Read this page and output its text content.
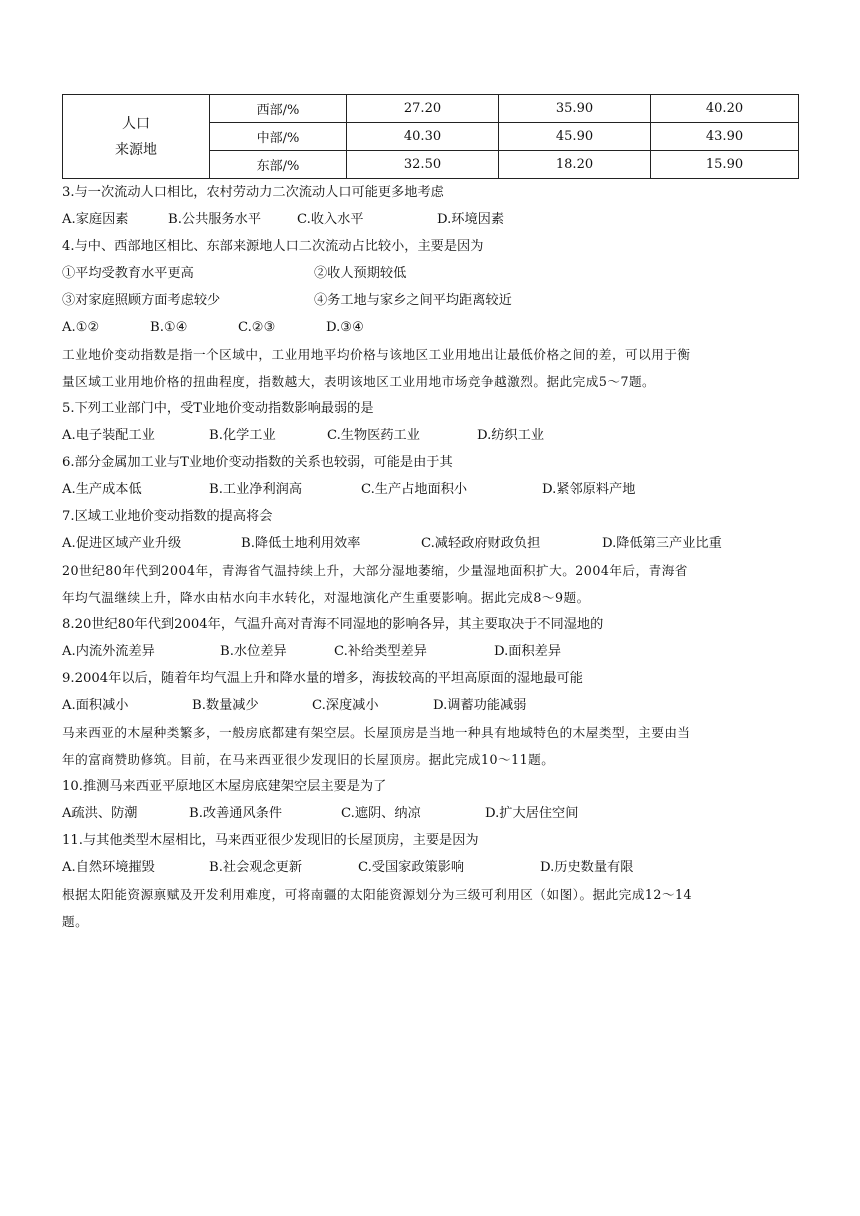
人口
来源地	西部/%	27.20	35.90	40.20
	中部/%	40.30	45.90	43.90
	东部/%	32.50	18.20	15.90
3.与一次流动人口相比，农村劳动力二次流动人口可能更多地考虑
A.家庭因素	B.公共服务水平	C.收入水平	D.环境因素
4.与中、西部地区相比、东部来源地人口二次流动占比较小，主要是因为
①平均受教育水平更高	②收人预期较低
③对家庭照顾方面考虑较少	④务工地与家乡之间平均距离较近
A.①②	B.①④	C.②③	D.③④
工业地价变动指数是指一个区域中，工业用地平均价格与该地区工业用地出让最低价格之间的差，可以用于衡
量区域工业用地价格的扭曲程度，指数越大，表明该地区工业用地市场竞争越激烈。据此完成5～7题。
5.下列工业部门中，受T业地价变动指数影响最弱的是
A.电子装配工业	B.化学工业	C.生物医药工业	D.纺织工业
6.部分金属加工业与T业地价变动指数的关系也较弱，可能是由于其
A.生产成本低	B.工业净利润高	C.生产占地面积小	D.紧邻原料产地
7.区域工业地价变动指数的提高将会
A.促进区域产业升级	B.降低土地利用效率	C.减轻政府财政负担	D.降低第三产业比重
20世纪80年代到2004年，青海省气温持续上升，大部分湿地萎缩，少量湿地面积扩大。2004年后，青海省
年均气温继续上升，降水由枯水向丰水转化，对湿地演化产生重要影响。据此完成8～9题。
8.20世纪80年代到2004年，气温升高对青海不同湿地的影响各异，其主要取决于不同湿地的
A.内流外流差异	B.水位差异	C.补给类型差异	D.面积差异
9.2004年以后，随着年均气温上升和降水量的增多，海拔较高的平坦高原面的湿地最可能
A.面积减小	B.数量减少	C.深度减小	D.调蓄功能减弱
马来西亚的木屋种类繁多，一般房底都建有架空层。长屋顶房是当地一种具有地域特色的木屋类型，主要由当
年的富商赞助修筑。目前，在马来西亚很少发现旧的长屋顶房。据此完成10～11题。
10.推测马来西亚平原地区木屋房底建架空层主要是为了
A疏洪、防潮	B.改善通风条件	C.遮阴、纳凉	D.扩大居住空间
11.与其他类型木屋相比，马来西亚很少发现旧的长屋顶房，主要是因为
A.自然环境摧毁	B.社会观念更新	C.受国家政策影响	D.历史数量有限
根据太阳能资源禀赋及开发利用难度，可将南疆的太阳能资源划分为三级可利用区（如图）。据此完成12～14
题。
